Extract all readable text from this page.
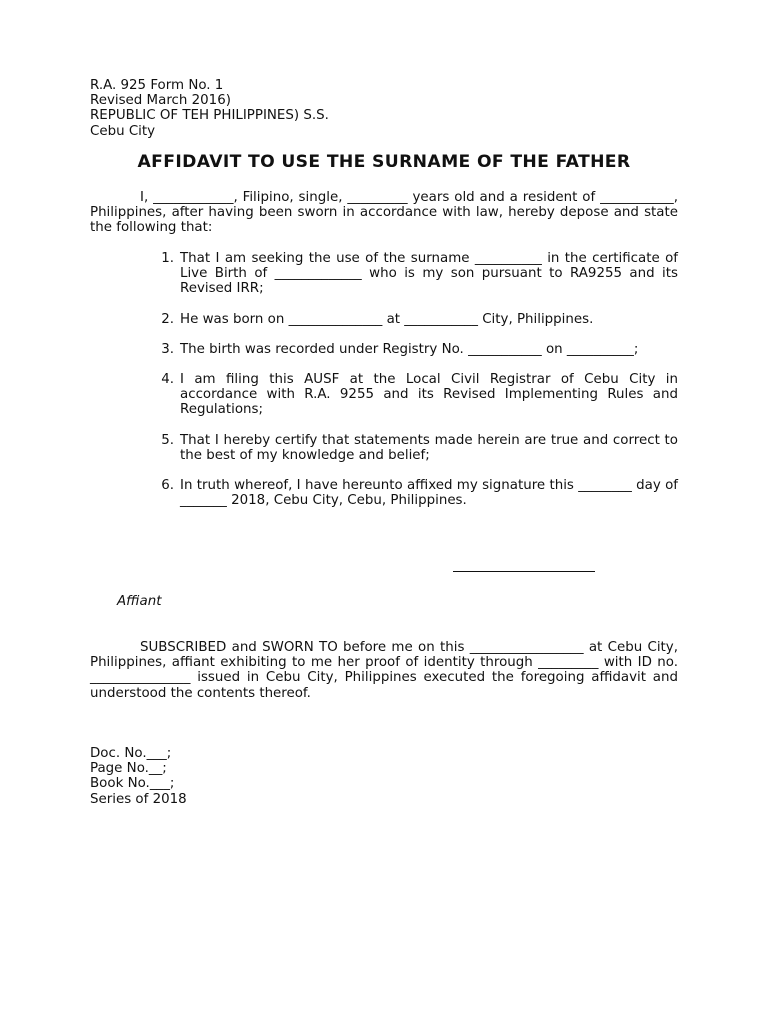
R.A. 925 Form No. 1
Revised March 2016)
REPUBLIC OF TEH PHILIPPINES) S.S.
Cebu City
AFFIDAVIT TO USE THE SURNAME OF THE FATHER
I, ____________, Filipino, single, _________ years old and a resident of ___________, Philippines, after having been sworn in accordance with law, hereby depose and state the following that:
1. That I am seeking the use of the surname __________ in the certificate of Live Birth of _____________ who is my son pursuant to RA9255 and its Revised IRR;
2. He was born on ______________ at ___________ City, Philippines.
3. The birth was recorded under Registry No. ___________ on __________;
4. I am filing this AUSF at the Local Civil Registrar of Cebu City in accordance with R.A. 9255 and its Revised Implementing Rules and Regulations;
5. That I hereby certify that statements made herein are true and correct to the best of my knowledge and belief;
6. In truth whereof, I have hereunto affixed my signature this ________ day of _______ 2018, Cebu City, Cebu, Philippines.
Affiant
SUBSCRIBED and SWORN TO before me on this _________________ at Cebu City, Philippines, affiant exhibiting to me her proof of identity through _________ with ID no. _______________ issued in Cebu City, Philippines executed the foregoing affidavit and understood the contents thereof.
Doc. No.___;
Page No.__;
Book No.___;
Series of 2018
